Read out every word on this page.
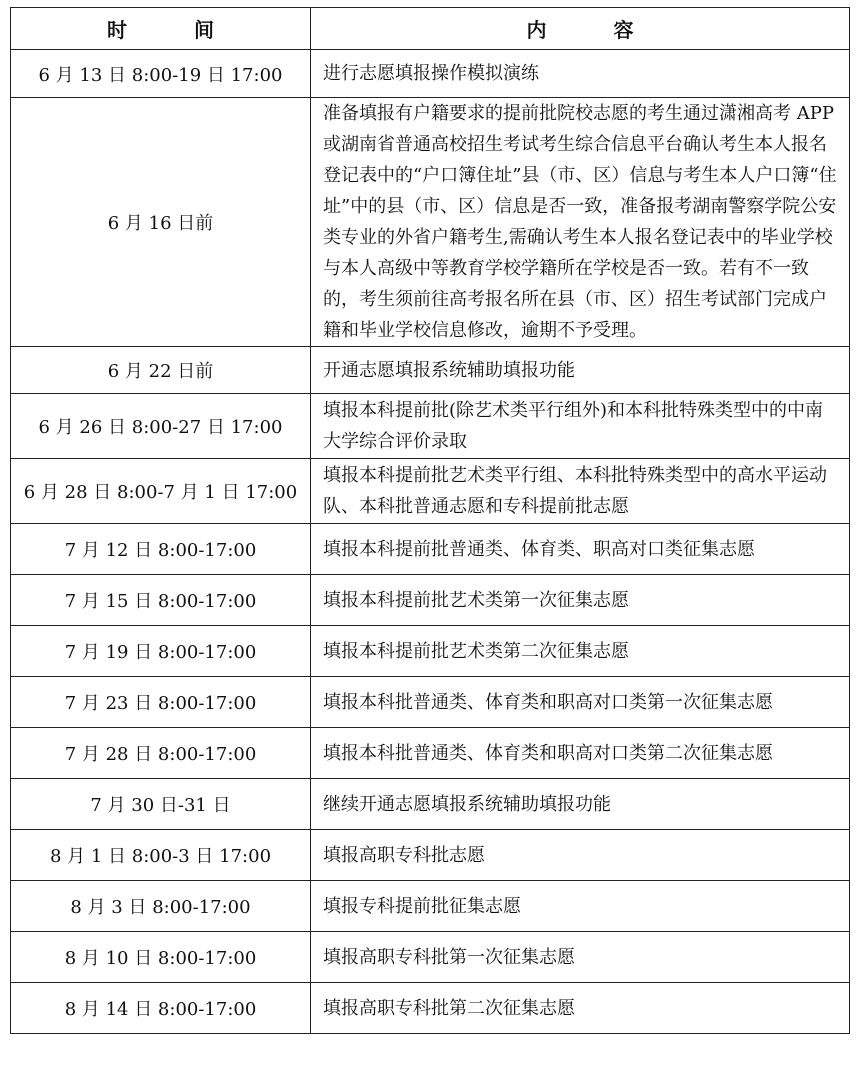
时 间	内 容
6 月 13 日 8:00-19 日 17:00	进行志愿填报操作模拟演练
6 月 16 日前	准备填报有户籍要求的提前批院校志愿的考生通过潇湘高考 APP 或湖南省普通高校招生考试考生综合信息平台确认考生本人报名登记表中的“户口簿住址”县（市、区）信息与考生本人户口簿“住址”中的县（市、区）信息是否一致，准备报考湖南警察学院公安类专业的外省户籍考生,需确认考生本人报名登记表中的毕业学校与本人高级中等教育学校学籍所在学校是否一致。若有不一致的，考生须前往高考报名所在县（市、区）招生考试部门完成户籍和毕业学校信息修改，逾期不予受理。
6 月 22 日前	开通志愿填报系统辅助填报功能
6 月 26 日 8:00-27 日 17:00	填报本科提前批(除艺术类平行组外)和本科批特殊类型中的中南大学综合评价录取
6 月 28 日 8:00-7 月 1 日 17:00	填报本科提前批艺术类平行组、本科批特殊类型中的高水平运动队、本科批普通志愿和专科提前批志愿
7 月 12 日 8:00-17:00	填报本科提前批普通类、体育类、职高对口类征集志愿
7 月 15 日 8:00-17:00	填报本科提前批艺术类第一次征集志愿
7 月 19 日 8:00-17:00	填报本科提前批艺术类第二次征集志愿
7 月 23 日 8:00-17:00	填报本科批普通类、体育类和职高对口类第一次征集志愿
7 月 28 日 8:00-17:00	填报本科批普通类、体育类和职高对口类第二次征集志愿
7 月 30 日-31 日	继续开通志愿填报系统辅助填报功能
8 月 1 日 8:00-3 日 17:00	填报高职专科批志愿
8 月 3 日 8:00-17:00	填报专科提前批征集志愿
8 月 10 日 8:00-17:00	填报高职专科批第一次征集志愿
8 月 14 日 8:00-17:00	填报高职专科批第二次征集志愿
